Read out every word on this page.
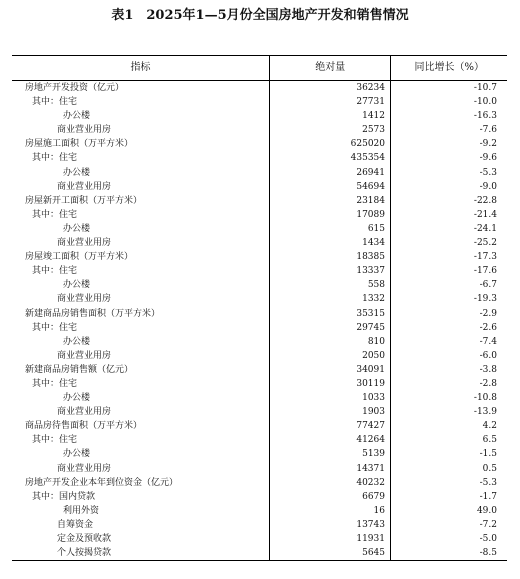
表1　2025年1—5月份全国房地产开发和销售情况
指标	绝对量	同比增长（%）
房地产开发投资（亿元）	36234	-10.7
其中：住宅	27731	-10.0
办公楼	1412	-16.3
商业营业用房	2573	-7.6
房屋施工面积（万平方米）	625020	-9.2
其中：住宅	435354	-9.6
办公楼	26941	-5.3
商业营业用房	54694	-9.0
房屋新开工面积（万平方米）	23184	-22.8
其中：住宅	17089	-21.4
办公楼	615	-24.1
商业营业用房	1434	-25.2
房屋竣工面积（万平方米）	18385	-17.3
其中：住宅	13337	-17.6
办公楼	558	-6.7
商业营业用房	1332	-19.3
新建商品房销售面积（万平方米）	35315	-2.9
其中：住宅	29745	-2.6
办公楼	810	-7.4
商业营业用房	2050	-6.0
新建商品房销售额（亿元）	34091	-3.8
其中：住宅	30119	-2.8
办公楼	1033	-10.8
商业营业用房	1903	-13.9
商品房待售面积（万平方米）	77427	4.2
其中：住宅	41264	6.5
办公楼	5139	-1.5
商业营业用房	14371	0.5
房地产开发企业本年到位资金（亿元）	40232	-5.3
其中：国内贷款	6679	-1.7
利用外资	16	49.0
自筹资金	13743	-7.2
定金及预收款	11931	-5.0
个人按揭贷款	5645	-8.5
